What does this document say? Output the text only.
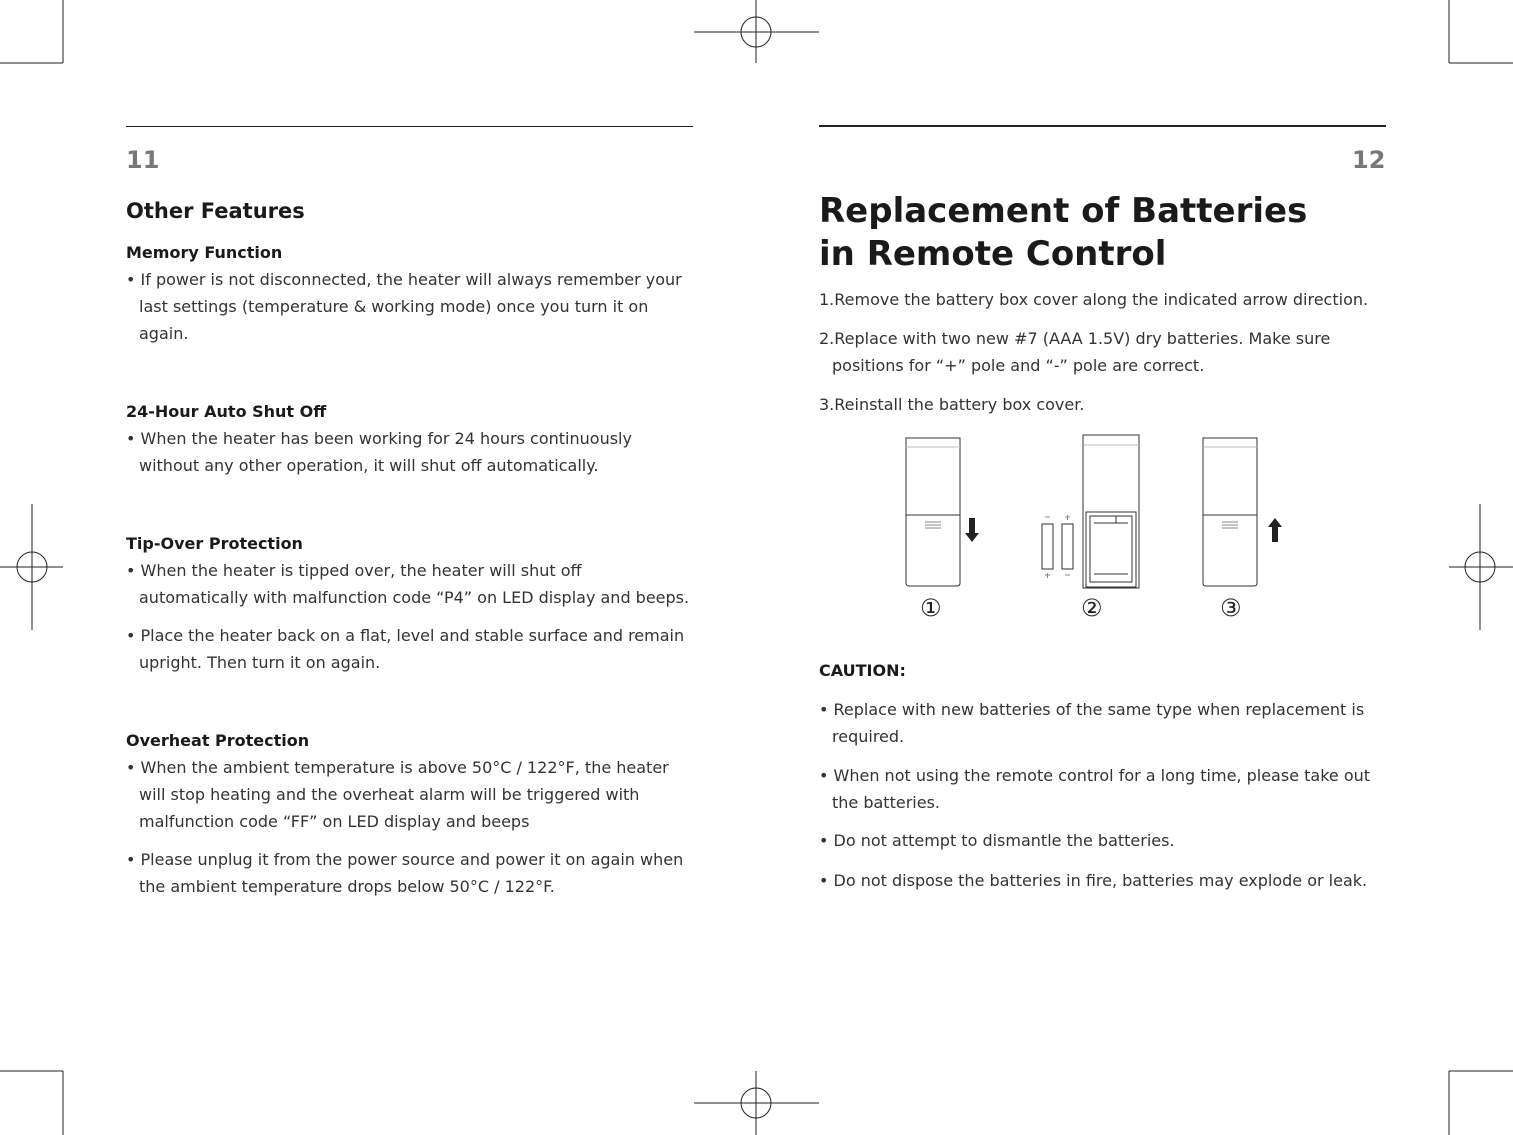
11
Other Features
Memory Function
• If power is not disconnected, the heater will always remember your last settings (temperature & working mode) once you turn it on again.
24-Hour Auto Shut Off
• When the heater has been working for 24 hours continuously without any other operation, it will shut off automatically.
Tip-Over Protection
• When the heater is tipped over, the heater will shut off automatically with malfunction code “P4” on LED display and beeps.
• Place the heater back on a flat, level and stable surface and remain upright. Then turn it on again.
Overheat Protection
• When the ambient temperature is above 50°C / 122°F, the heater will stop heating and the overheat alarm will be triggered with malfunction code “FF” on LED display and beeps
• Please unplug it from the power source and power it on again when the ambient temperature drops below 50°C / 122°F.
12
Replacement of Batteries in Remote Control
1.Remove the battery box cover along the indicated arrow direction.
2.Replace with two new #7 (AAA 1.5V) dry batteries. Make sure positions for “+” pole and “-” pole are correct.
3.Reinstall the battery box cover.
①	②	③
CAUTION:
• Replace with new batteries of the same type when replacement is required.
• When not using the remote control for a long time, please take out the batteries.
• Do not attempt to dismantle the batteries.
• Do not dispose the batteries in fire, batteries may explode or leak.
